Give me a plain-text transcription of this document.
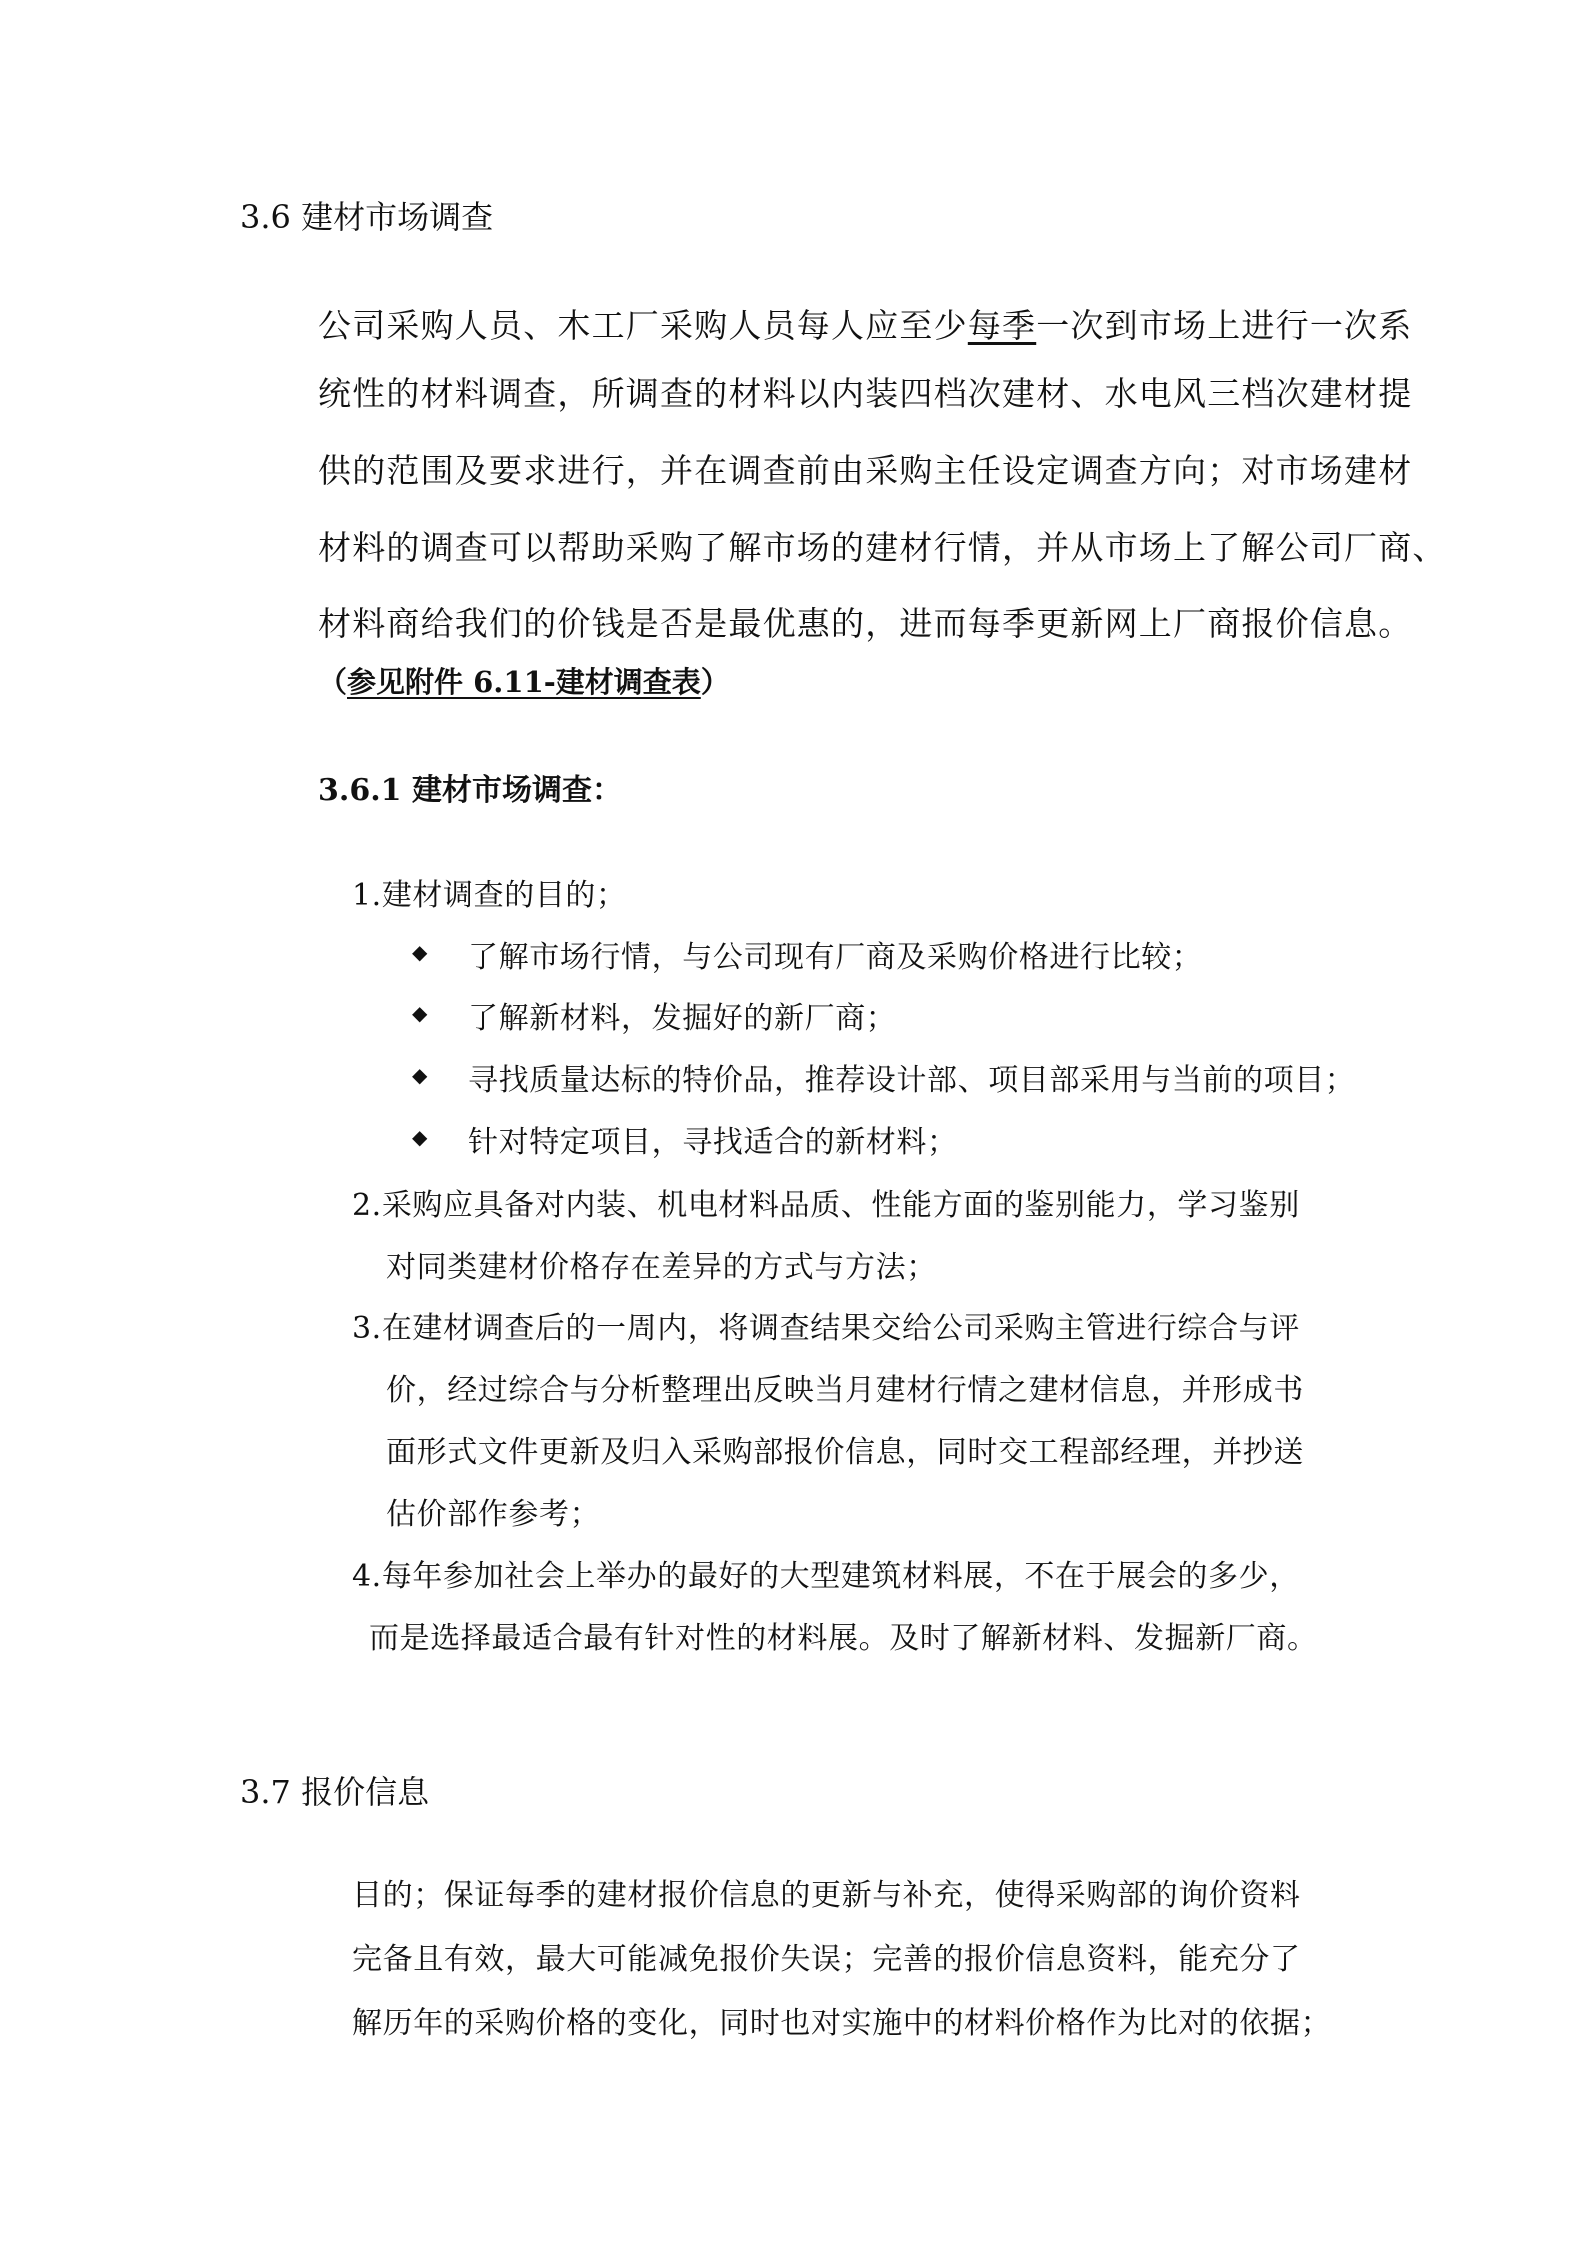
3.6 建材市场调查
公司采购人员、木工厂采购人员每人应至少每季一次到市场上进行一次系
统性的材料调查，所调查的材料以内装四档次建材、水电风三档次建材提
供的范围及要求进行，并在调查前由采购主任设定调查方向；对市场建材
材料的调查可以帮助采购了解市场的建材行情，并从市场上了解公司厂商、
材料商给我们的价钱是否是最优惠的，进而每季更新网上厂商报价信息。
（参见附件 6.11-建材调查表）
3.6.1 建材市场调查：
1.建材调查的目的；
◆ 了解市场行情，与公司现有厂商及采购价格进行比较；
◆ 了解新材料，发掘好的新厂商；
◆ 寻找质量达标的特价品，推荐设计部、项目部采用与当前的项目；
◆ 针对特定项目，寻找适合的新材料；
2.采购应具备对内装、机电材料品质、性能方面的鉴别能力，学习鉴别
对同类建材价格存在差异的方式与方法；
3.在建材调查后的一周内，将调查结果交给公司采购主管进行综合与评
价，经过综合与分析整理出反映当月建材行情之建材信息，并形成书
面形式文件更新及归入采购部报价信息，同时交工程部经理，并抄送
估价部作参考；
4.每年参加社会上举办的最好的大型建筑材料展，不在于展会的多少，
而是选择最适合最有针对性的材料展。及时了解新材料、发掘新厂商。
3.7 报价信息
目的；保证每季的建材报价信息的更新与补充，使得采购部的询价资料
完备且有效，最大可能减免报价失误；完善的报价信息资料，能充分了
解历年的采购价格的变化，同时也对实施中的材料价格作为比对的依据；
